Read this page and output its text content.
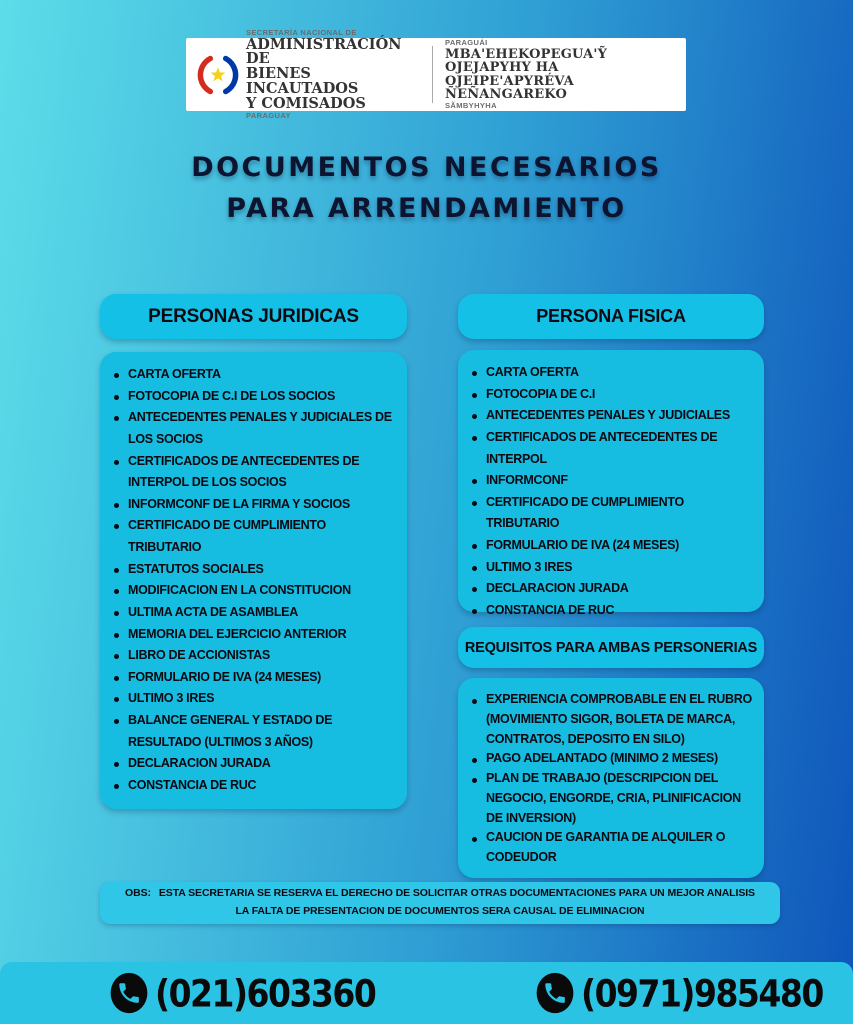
SECRETARÍA NACIONAL DE
ADMINISTRACIÓN DE
BIENES INCAUTADOS
Y COMISADOS
PARAGUAY
PARAGUÁI
MBA'EHEKOPEGUA'Ỹ
OJEJAPYHY HA OJEIPE'APYRÉVA
ÑEÑANGAREKO
SÃMBYHYHA
DOCUMENTOS NECESARIOS
PARA ARRENDAMIENTO
PERSONAS JURIDICAS
CARTA OFERTA
FOTOCOPIA DE C.I DE LOS SOCIOS
ANTECEDENTES PENALES Y JUDICIALES DE LOS SOCIOS
CERTIFICADOS DE ANTECEDENTES DE INTERPOL DE LOS SOCIOS
INFORMCONF DE LA FIRMA Y SOCIOS
CERTIFICADO DE CUMPLIMIENTO TRIBUTARIO
ESTATUTOS SOCIALES
MODIFICACION EN LA CONSTITUCION
ULTIMA ACTA DE ASAMBLEA
MEMORIA DEL EJERCICIO ANTERIOR
LIBRO DE ACCIONISTAS
FORMULARIO DE IVA (24 MESES)
ULTIMO 3 IRES
BALANCE GENERAL Y ESTADO DE RESULTADO (ULTIMOS 3 AÑOS)
DECLARACION JURADA
CONSTANCIA DE RUC
PERSONA FISICA
CARTA OFERTA
FOTOCOPIA DE C.I
ANTECEDENTES PENALES Y JUDICIALES
CERTIFICADOS DE ANTECEDENTES DE INTERPOL
INFORMCONF
CERTIFICADO DE CUMPLIMIENTO TRIBUTARIO
FORMULARIO DE IVA (24 MESES)
ULTIMO 3 IRES
DECLARACION JURADA
CONSTANCIA DE RUC
REQUISITOS PARA AMBAS PERSONERIAS
EXPERIENCIA COMPROBABLE EN EL RUBRO (MOVIMIENTO SIGOR, BOLETA DE MARCA, CONTRATOS, DEPOSITO EN SILO)
PAGO ADELANTADO (MINIMO 2 MESES)
PLAN DE TRABAJO (DESCRIPCION DEL NEGOCIO, ENGORDE, CRIA, PLINIFICACION DE INVERSION)
CAUCION DE GARANTIA DE ALQUILER O CODEUDOR
OBS: ESTA SECRETARIA SE RESERVA EL DERECHO DE SOLICITAR OTRAS DOCUMENTACIONES PARA UN MEJOR ANALISIS
LA FALTA DE PRESENTACION DE DOCUMENTOS SERA CAUSAL DE ELIMINACION
(021)603360	(0971)985480
